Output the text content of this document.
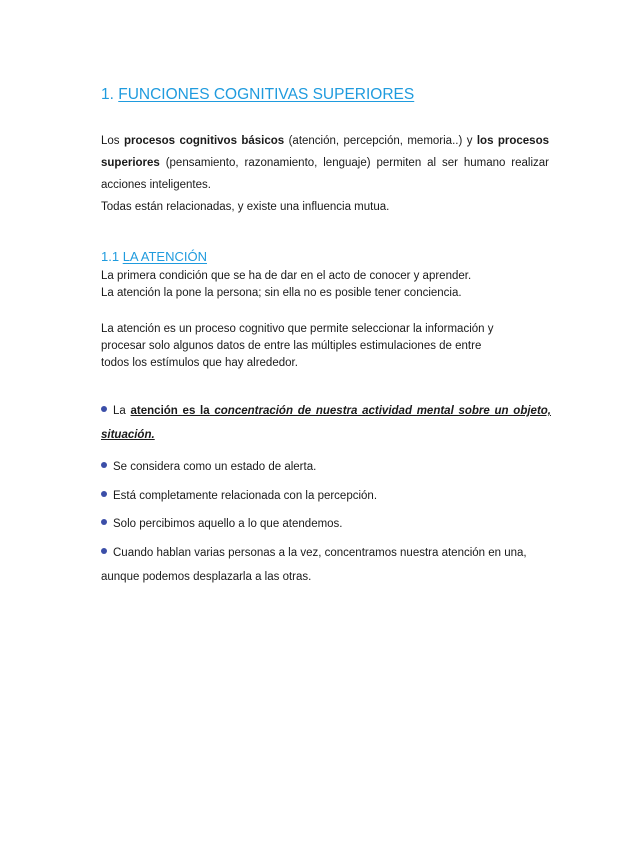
1. FUNCIONES COGNITIVAS SUPERIORES
Los procesos cognitivos básicos (atención, percepción, memoria..) y los procesos superiores (pensamiento, razonamiento, lenguaje) permiten al ser humano realizar acciones inteligentes.
Todas están relacionadas, y existe una influencia mutua.
1.1 LA ATENCIÓN
La primera condición que se ha de dar en el acto de conocer y aprender.
La atención la pone la persona; sin ella no es posible tener conciencia.
La atención es un proceso cognitivo que permite seleccionar la información y
procesar solo algunos datos de entre las múltiples estimulaciones de entre
todos los estímulos que hay alrededor.
La atención es la concentración de nuestra actividad mental sobre un objeto, situación.
Se considera como un estado de alerta.
Está completamente relacionada con la percepción.
Solo percibimos aquello a lo que atendemos.
Cuando hablan varias personas a la vez, concentramos nuestra atención en una, aunque podemos desplazarla a las otras.
